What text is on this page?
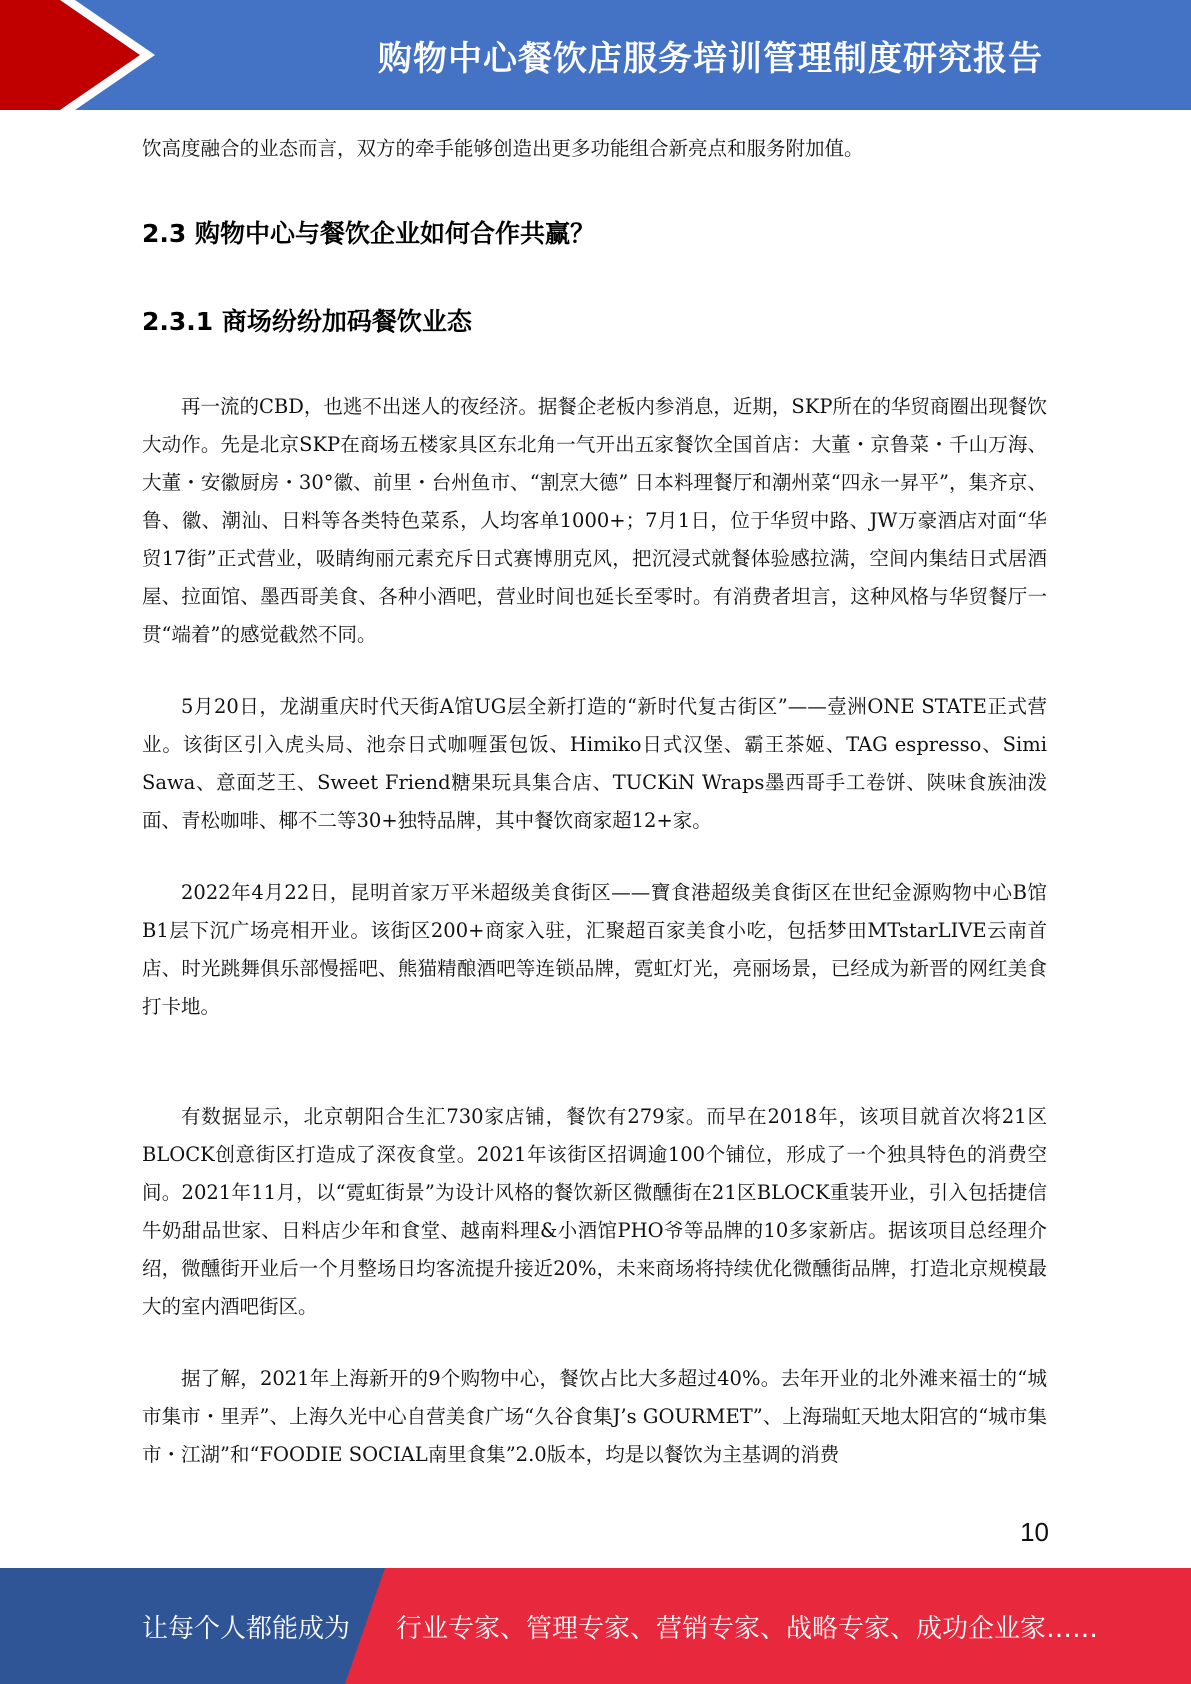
购物中心餐饮店服务培训管理制度研究报告

饮高度融合的业态而言，双方的牵手能够创造出更多功能组合新亮点和服务附加值。

2.3 购物中心与餐饮企业如何合作共赢？
2.3.1 商场纷纷加码餐饮业态

再一流的CBD，也逃不出迷人的夜经济。据餐企老板内参消息，近期，SKP所在的华贸商圈出现餐饮大动作。先是北京SKP在商场五楼家具区东北角一气开出五家餐饮全国首店：大董・京鲁菜・千山万海、大董・安徽厨房・30°徽、前里・台州鱼市、“割烹大德” 日本料理餐厅和潮州菜“四永一昇平”，集齐京、鲁、徽、潮汕、日料等各类特色菜系，人均客单1000+；7月1日，位于华贸中路、JW万豪酒店对面“华贸17街”正式营业，吸睛绚丽元素充斥日式赛博朋克风，把沉浸式就餐体验感拉满，空间内集结日式居酒屋、拉面馆、墨西哥美食、各种小酒吧，营业时间也延长至零时。有消费者坦言，这种风格与华贸餐厅一贯“端着”的感觉截然不同。

5月20日，龙湖重庆时代天街A馆UG层全新打造的“新时代复古街区”——壹洲ONE STATE正式营业。该街区引入虎头局、池奈日式咖喱蛋包饭、Himiko日式汉堡、霸王茶姬、TAG espresso、Simi Sawa、意面芝王、Sweet Friend糖果玩具集合店、TUCKiN Wraps墨西哥手工卷饼、陕味食族油泼面、青松咖啡、椰不二等30+独特品牌，其中餐饮商家超12+家。

2022年4月22日，昆明首家万平米超级美食街区——寶食港超级美食街区在世纪金源购物中心B馆B1层下沉广场亮相开业。该街区200+商家入驻，汇聚超百家美食小吃，包括梦田MTstarLIVE云南首店、时光跳舞俱乐部慢摇吧、熊猫精酿酒吧等连锁品牌，霓虹灯光，亮丽场景，已经成为新晋的网红美食打卡地。

有数据显示，北京朝阳合生汇730家店铺，餐饮有279家。而早在2018年，该项目就首次将21区BLOCK创意街区打造成了深夜食堂。2021年该街区招调逾100个铺位，形成了一个独具特色的消费空间。2021年11月，以“霓虹街景”为设计风格的餐饮新区微醺街在21区BLOCK重装开业，引入包括捷信牛奶甜品世家、日料店少年和食堂、越南料理&小酒馆PHO爷等品牌的10多家新店。据该项目总经理介绍，微醺街开业后一个月整场日均客流提升接近20%，未来商场将持续优化微醺街品牌，打造北京规模最大的室内酒吧街区。

据了解，2021年上海新开的9个购物中心，餐饮占比大多超过40%。去年开业的北外滩来福士的“城市集市・里弄”、上海久光中心自营美食广场“久谷食集J’s GOURMET”、上海瑞虹天地太阳宫的“城市集市・江湖”和“FOODIE SOCIAL南里食集”2.0版本，均是以餐饮为主基调的消费

10
让每个人都能成为 行业专家、管理专家、营销专家、战略专家、成功企业家……
